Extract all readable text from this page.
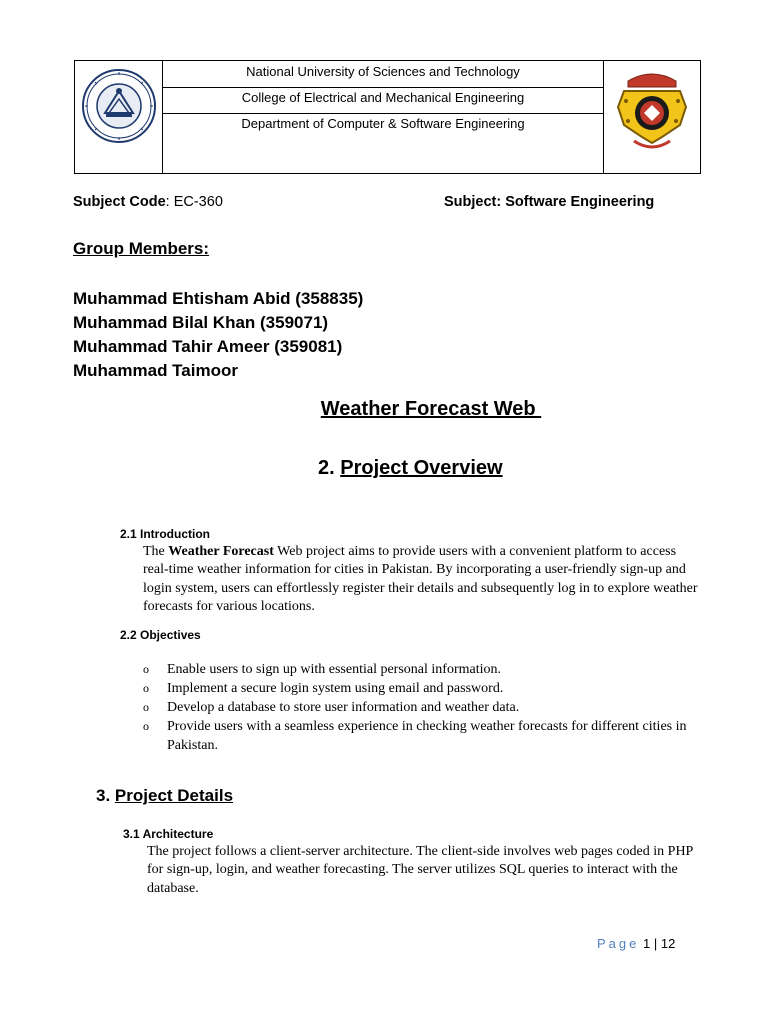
National University of Sciences and Technology
College of Electrical and Mechanical Engineering
Department of Computer & Software Engineering
Subject Code: EC-360	Subject: Software Engineering
Group Members:
Muhammad Ehtisham Abid (358835)
Muhammad Bilal Khan (359071)
Muhammad Tahir Ameer (359081)
Muhammad Taimoor
Weather Forecast Web
2. Project Overview
2.1 Introduction
The Weather Forecast Web project aims to provide users with a convenient platform to access real-time weather information for cities in Pakistan. By incorporating a user-friendly sign-up and login system, users can effortlessly register their details and subsequently log in to explore weather forecasts for various locations.
2.2 Objectives
o Enable users to sign up with essential personal information.
o Implement a secure login system using email and password.
o Develop a database to store user information and weather data.
o Provide users with a seamless experience in checking weather forecasts for different cities in Pakistan.
3. Project Details
3.1 Architecture
The project follows a client-server architecture. The client-side involves web pages coded in PHP for sign-up, login, and weather forecasting. The server utilizes SQL queries to interact with the database.
Page 1 | 12
